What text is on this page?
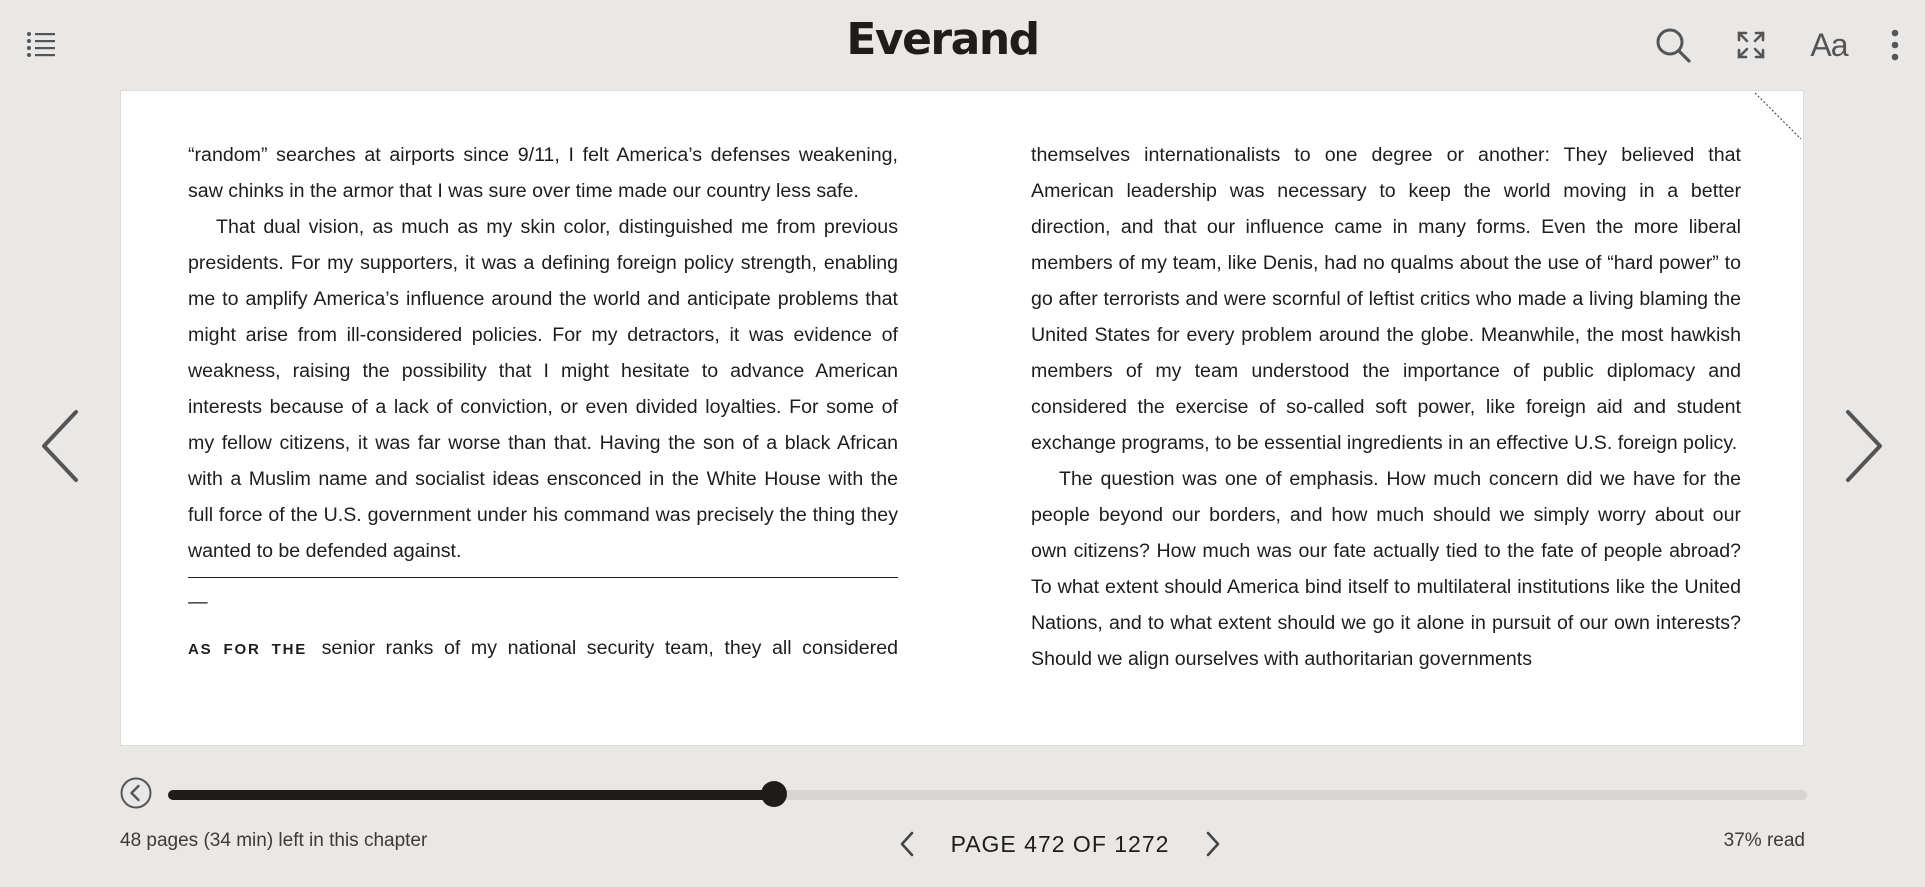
Everand	Aa

“random” searches at airports since 9/11, I felt America’s defenses weakening, saw chinks in the armor that I was sure over time made our country less safe.

That dual vision, as much as my skin color, distinguished me from previous presidents. For my supporters, it was a defining foreign policy strength, enabling me to amplify America’s influence around the world and anticipate problems that might arise from ill-considered policies. For my detractors, it was evidence of weakness, raising the possibility that I might hesitate to advance American interests because of a lack of conviction, or even divided loyalties. For some of my fellow citizens, it was far worse than that. Having the son of a black African with a Muslim name and socialist ideas ensconced in the White House with the full force of the U.S. government under his command was precisely the thing they wanted to be defended against.

—

AS FOR THE senior ranks of my national security team, they all considered

themselves internationalists to one degree or another: They believed that American leadership was necessary to keep the world moving in a better direction, and that our influence came in many forms. Even the more liberal members of my team, like Denis, had no qualms about the use of “hard power” to go after terrorists and were scornful of leftist critics who made a living blaming the United States for every problem around the globe. Meanwhile, the most hawkish members of my team understood the importance of public diplomacy and considered the exercise of so-called soft power, like foreign aid and student exchange programs, to be essential ingredients in an effective U.S. foreign policy.

The question was one of emphasis. How much concern did we have for the people beyond our borders, and how much should we simply worry about our own citizens? How much was our fate actually tied to the fate of people abroad? To what extent should America bind itself to multilateral institutions like the United Nations, and to what extent should we go it alone in pursuit of our own interests? Should we align ourselves with authoritarian governments

48 pages (34 min) left in this chapter	PAGE 472 OF 1272	37% read
